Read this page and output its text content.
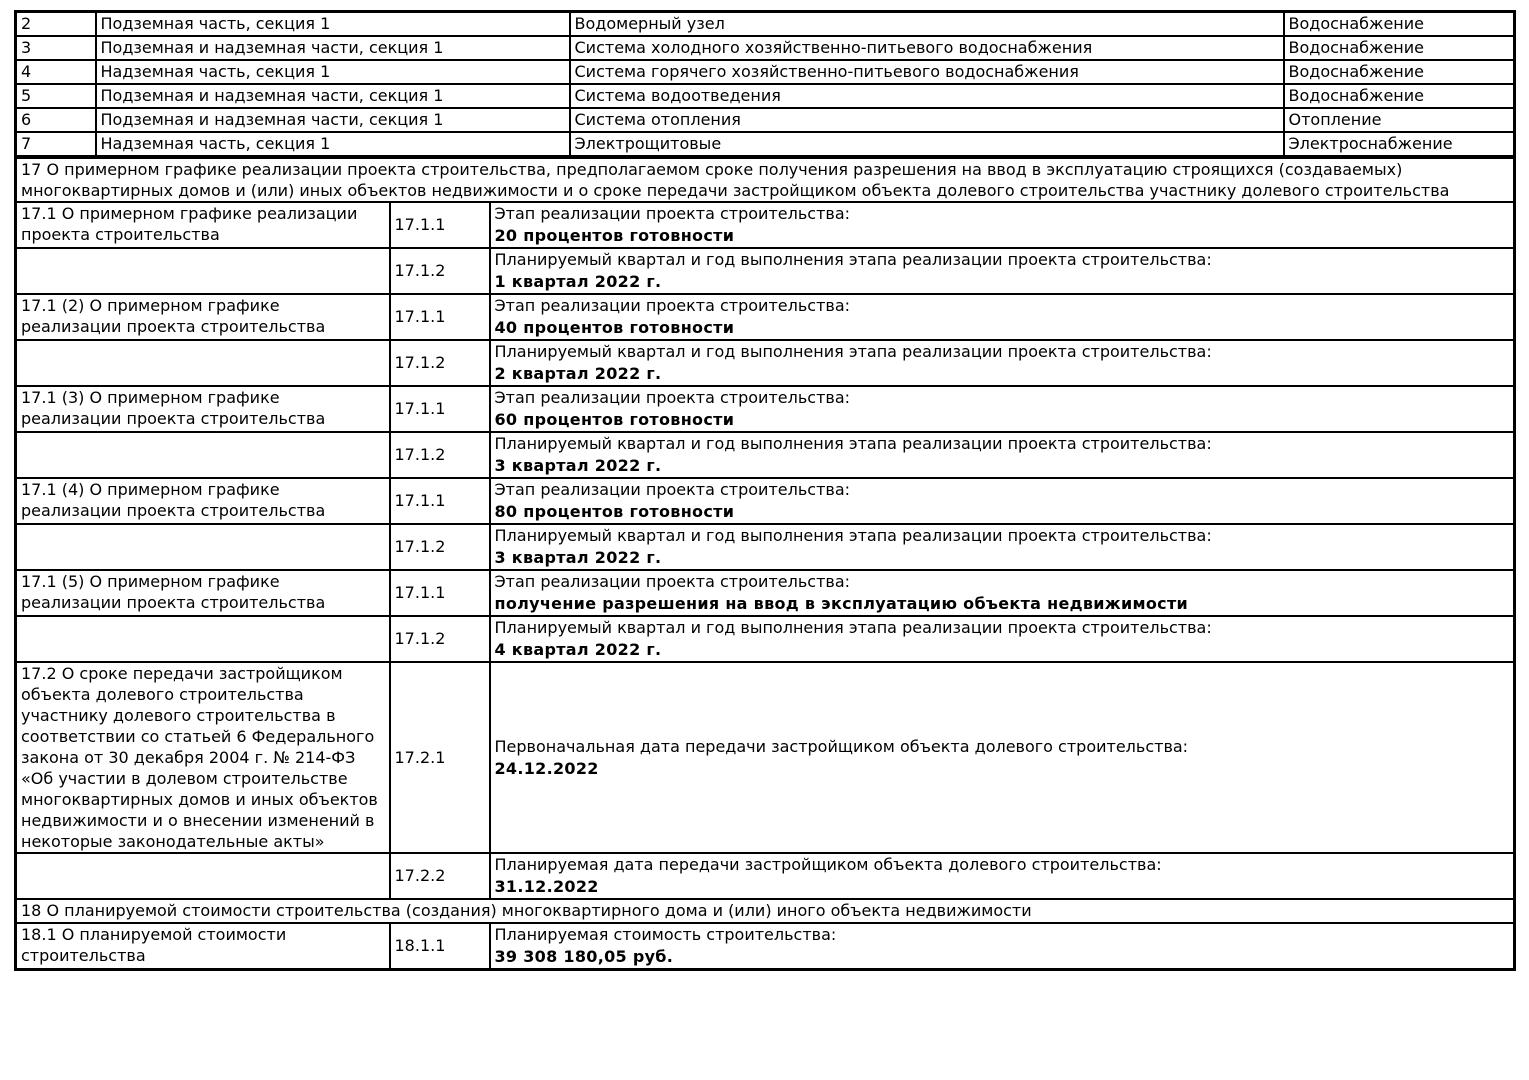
2	Подземная часть, секция 1	Водомерный узел	Водоснабжение
3	Подземная и надземная части, секция 1	Система холодного хозяйственно-питьевого водоснабжения	Водоснабжение
4	Надземная часть, секция 1	Система горячего хозяйственно-питьевого водоснабжения	Водоснабжение
5	Подземная и надземная части, секция 1	Система водоотведения	Водоснабжение
6	Подземная и надземная части, секция 1	Система отопления	Отопление
7	Надземная часть, секция 1	Электрощитовые	Электроснабжение
17 О примерном графике реализации проекта строительства, предполагаемом сроке получения разрешения на ввод в эксплуатацию строящихся (создаваемых)
многоквартирных домов и (или) иных объектов недвижимости и о сроке передачи застройщиком объекта долевого строительства участнику долевого строительства		

17.1 О примерном графике реализации проекта строительства	17.1.1	Этап реализации проекта строительства:
20 процентов готовности

	17.1.2	Планируемый квартал и год выполнения этапа реализации проекта строительства:
1 квартал 2022 г.

17.1 (2) О примерном графике реализации проекта строительства	17.1.1	Этап реализации проекта строительства:
40 процентов готовности

	17.1.2	Планируемый квартал и год выполнения этапа реализации проекта строительства:
2 квартал 2022 г.

17.1 (3) О примерном графике реализации проекта строительства	17.1.1	Этап реализации проекта строительства:
60 процентов готовности

	17.1.2	Планируемый квартал и год выполнения этапа реализации проекта строительства:
3 квартал 2022 г.

17.1 (4) О примерном графике реализации проекта строительства	17.1.1	Этап реализации проекта строительства:
80 процентов готовности

	17.1.2	Планируемый квартал и год выполнения этапа реализации проекта строительства:
3 квартал 2022 г.

17.1 (5) О примерном графике реализации проекта строительства	17.1.1	Этап реализации проекта строительства:
получение разрешения на ввод в эксплуатацию объекта недвижимости

	17.1.2	Планируемый квартал и год выполнения этапа реализации проекта строительства:
4 квартал 2022 г.

17.2 О сроке передачи застройщиком объекта долевого строительства участнику долевого строительства в соответствии со статьей 6 Федерального закона от 30 декабря 2004 г. № 214-ФЗ «Об участии в долевом строительстве многоквартирных домов и иных объектов недвижимости и о внесении изменений в некоторые законодательные акты»	17.2.1	Первоначальная дата передачи застройщиком объекта долевого строительства:
24.12.2022

	17.2.2	Планируемая дата передачи застройщиком объекта долевого строительства:
31.12.2022

18 О планируемой стоимости строительства (создания) многоквартирного дома и (или) иного объекта недвижимости		
18.1 О планируемой стоимости строительства	18.1.1	Планируемая стоимость строительства:
39 308 180,05 руб.
